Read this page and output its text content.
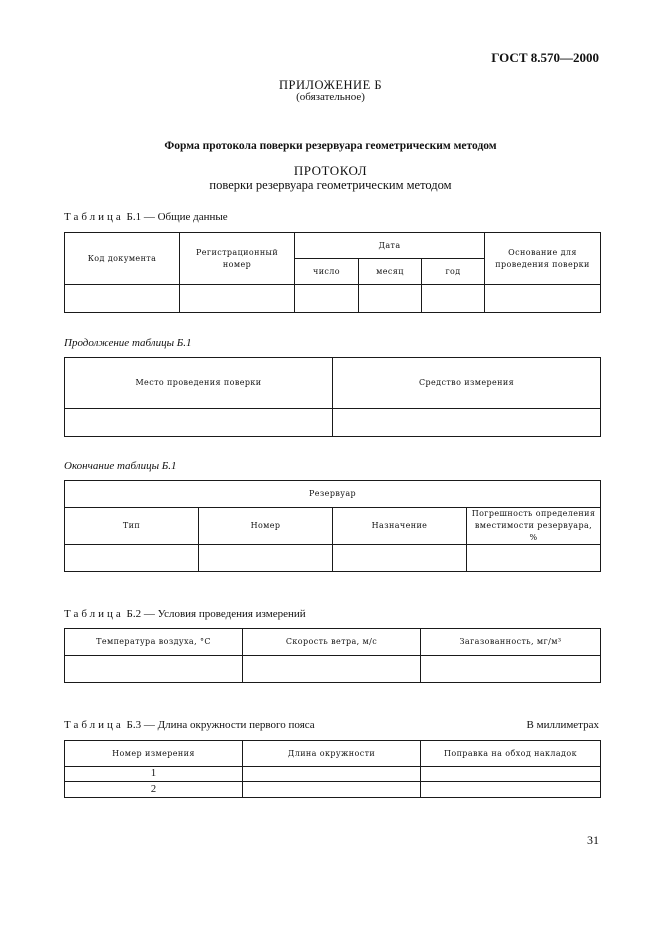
ГОСТ 8.570—2000
ПРИЛОЖЕНИЕ Б
(обязательное)
Форма протокола поверки резервуара геометрическим методом
ПРОТОКОЛ
поверки резервуара геометрическим методом
Таблица Б.1 — Общие данные
Код документа	Регистрационный номер	Дата			Основание для проведения поверки
		число	месяц	год	

Продолжение таблицы Б.1
Место проведения поверки	Средство измерения

Окончание таблицы Б.1
Резервуар			
Тип	Номер	Назначение	Погрешность определения вместимости резервуара, %

Таблица Б.2 — Условия проведения измерений
Температура воздуха, °С	Скорость ветра, м/с	Загазованность, мг/м³

Таблица Б.3 — Длина окружности первого пояса	В миллиметрах
Номер измерения	Длина окружности	Поправка на обход накладок
1		
2		
31
